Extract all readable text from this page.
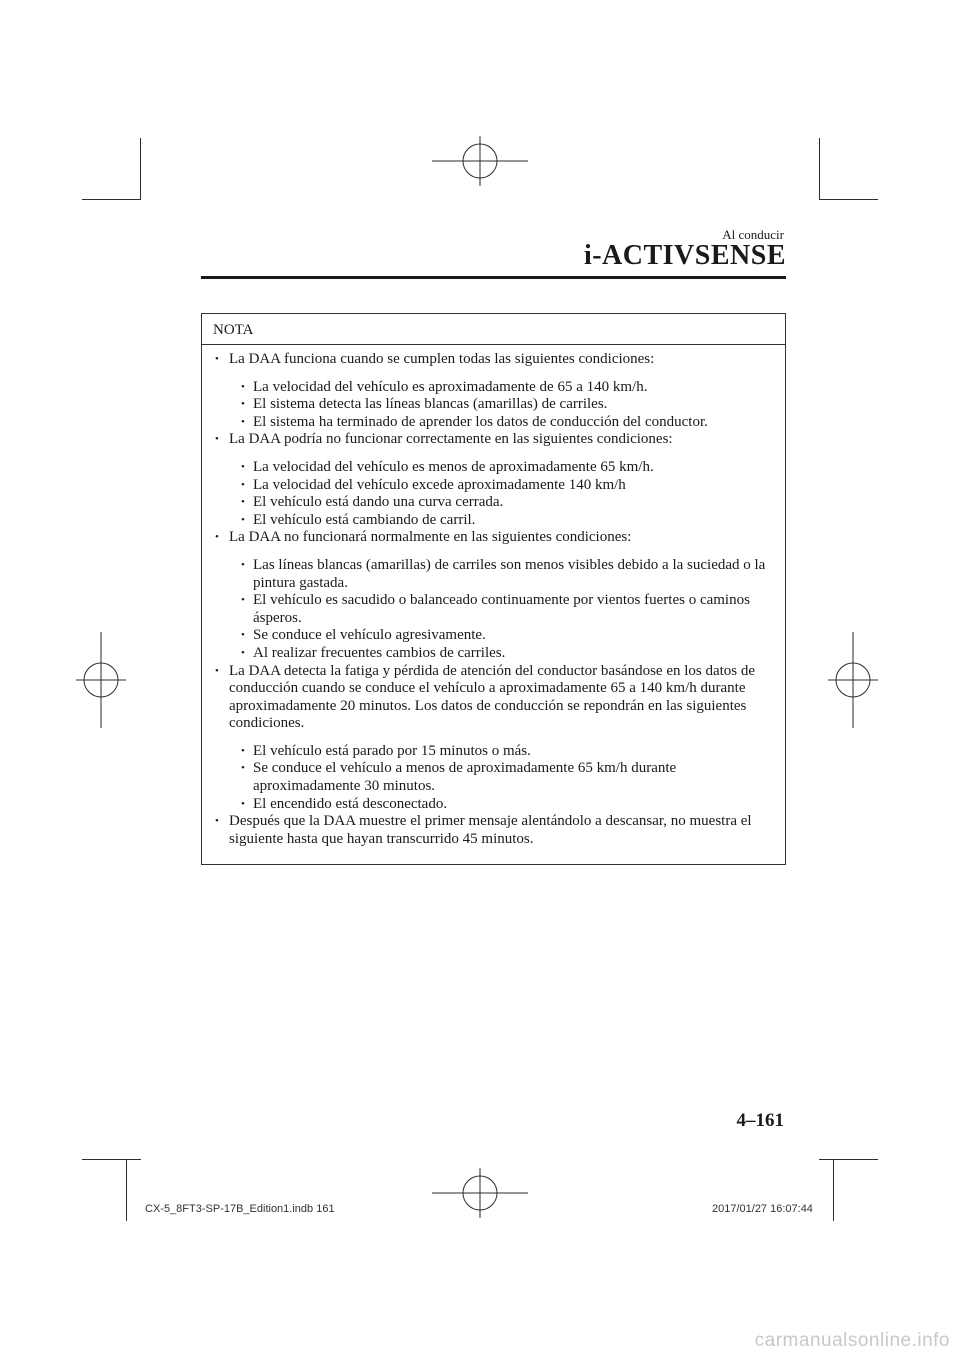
Al conducir
i-ACTIVSENSE
NOTA
• La DAA funciona cuando se cumplen todas las siguientes condiciones:
• La velocidad del vehículo es aproximadamente de 65 a 140 km/h.
• El sistema detecta las líneas blancas (amarillas) de carriles.
• El sistema ha terminado de aprender los datos de conducción del conductor.
• La DAA podría no funcionar correctamente en las siguientes condiciones:
• La velocidad del vehículo es menos de aproximadamente 65 km/h.
• La velocidad del vehículo excede aproximadamente 140 km/h
• El vehículo está dando una curva cerrada.
• El vehículo está cambiando de carril.
• La DAA no funcionará normalmente en las siguientes condiciones:
• Las líneas blancas (amarillas) de carriles son menos visibles debido a la suciedad o la pintura gastada.
• El vehículo es sacudido o balanceado continuamente por vientos fuertes o caminos ásperos.
• Se conduce el vehículo agresivamente.
• Al realizar frecuentes cambios de carriles.
• La DAA detecta la fatiga y pérdida de atención del conductor basándose en los datos de conducción cuando se conduce el vehículo a aproximadamente 65 a 140 km/h durante aproximadamente 20 minutos. Los datos de conducción se repondrán en las siguientes condiciones.
• El vehículo está parado por 15 minutos o más.
• Se conduce el vehículo a menos de aproximadamente 65 km/h durante aproximadamente 30 minutos.
• El encendido está desconectado.
• Después que la DAA muestre el primer mensaje alentándolo a descansar, no muestra el siguiente hasta que hayan transcurrido 45 minutos.
4–161
CX-5_8FT3-SP-17B_Edition1.indb 161	2017/01/27 16:07:44
carmanualsonline.info
